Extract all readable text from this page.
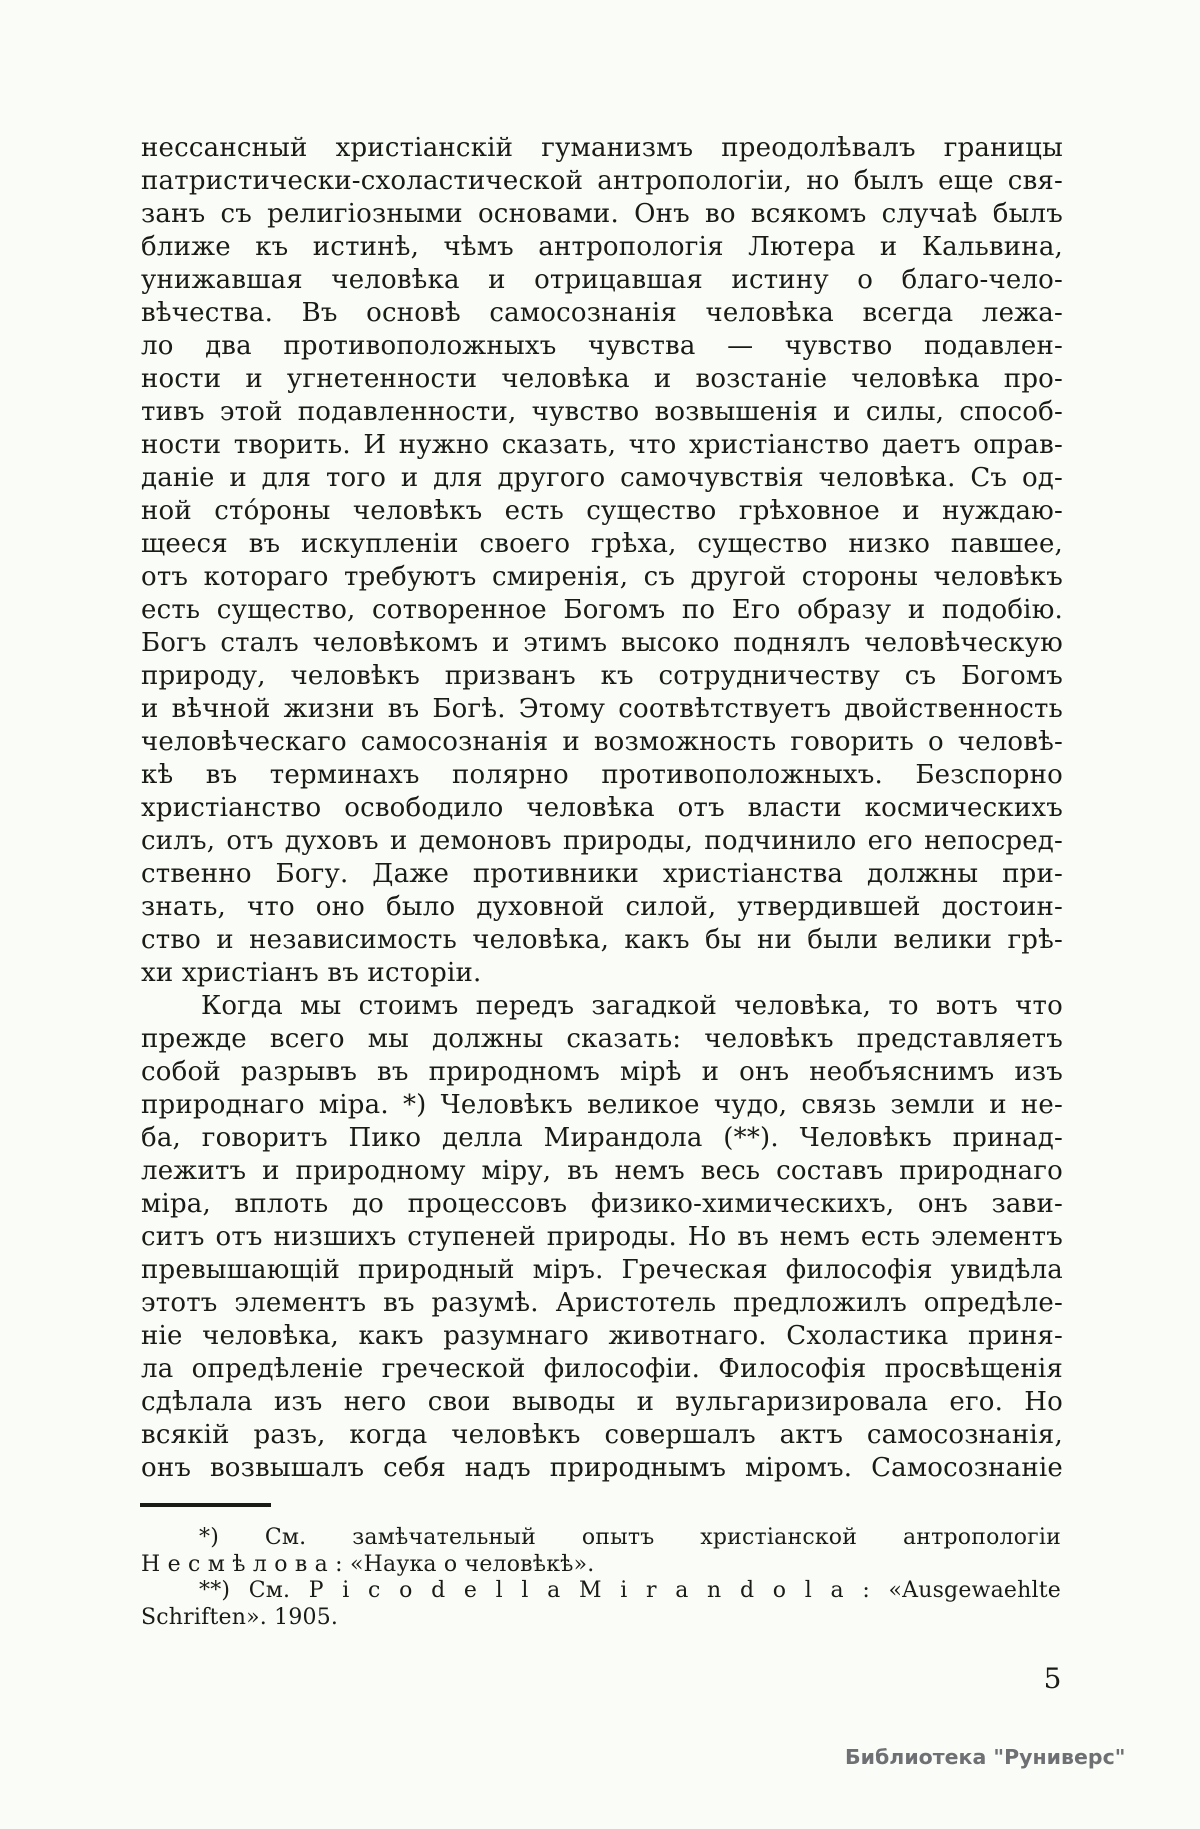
нессансный христіанскій гуманизмъ преодолѣвалъ границы
патристически-схоластической антропологіи, но былъ еще свя-
занъ съ религіозными основами. Онъ во всякомъ случаѣ былъ
ближе къ истинѣ, чѣмъ антропологія Лютера и Кальвина,
унижавшая человѣка и отрицавшая истину о благо-чело-
вѣчества. Въ основѣ самосознанія человѣка всегда лежа-
ло два противоположныхъ чувства — чувство подавлен-
ности и угнетенности человѣка и возстаніе человѣка про-
тивъ этой подавленности, чувство возвышенія и силы, способ-
ности творить. И нужно сказать, что христіанство даетъ оправ-
даніе и для того и для другого самочувствія человѣка. Съ од-
ной сто́роны человѣкъ есть существо грѣховное и нуждаю-
щееся въ искупленіи своего грѣха, существо низко павшее,
отъ котораго требуютъ смиренія, съ другой стороны человѣкъ
есть существо, сотворенное Богомъ по Его образу и подобію.
Богъ сталъ человѣкомъ и этимъ высоко поднялъ человѣческую
природу, человѣкъ призванъ къ сотрудничеству съ Богомъ
и вѣчной жизни въ Богѣ. Этому соотвѣтствуетъ двойственность
человѣческаго самосознанія и возможность говорить о человѣ-
кѣ въ терминахъ полярно противоположныхъ. Безспорно
христіанство освободило человѣка отъ власти космическихъ
силъ, отъ духовъ и демоновъ природы, подчинило его непосред-
ственно Богу. Даже противники христіанства должны при-
знать, что оно было духовной силой, утвердившей достоин-
ство и независимость человѣка, какъ бы ни были велики грѣ-
хи христіанъ въ исторіи.
Когда мы стоимъ передъ загадкой человѣка, то вотъ что
прежде всего мы должны сказать: человѣкъ представляетъ
собой разрывъ въ природномъ мірѣ и онъ необъяснимъ изъ
природнаго міра. *) Человѣкъ великое чудо, связь земли и не-
ба, говоритъ Пико делла Мирандола (**). Человѣкъ принад-
лежитъ и природному міру, въ немъ весь составъ природнаго
міра, вплоть до процессовъ физико-химическихъ, онъ зави-
ситъ отъ низшихъ ступеней природы. Но въ немъ есть элементъ
превышающій природный міръ. Греческая философія увидѣла
этотъ элементъ въ разумѣ. Аристотель предложилъ опредѣле-
ніе человѣка, какъ разумнаго животнаго. Схоластика приня-
ла опредѣленіе греческой философіи. Философія просвѣщенія
сдѣлала изъ него свои выводы и вульгаризировала его. Но
всякій разъ, когда человѣкъ совершалъ актъ самосознанія,
онъ возвышалъ себя надъ природнымъ міромъ. Самосознаніе
*) См. замѣчательный опытъ христіанской антропологіи
Н е с м ѣ л о в а : «Наука о человѣкѣ».
**) См. P i c o d e l l a M i r a n d o l a : «Ausgewaehlte
Schriften». 1905.
5
Библиотека "Руниверс"
